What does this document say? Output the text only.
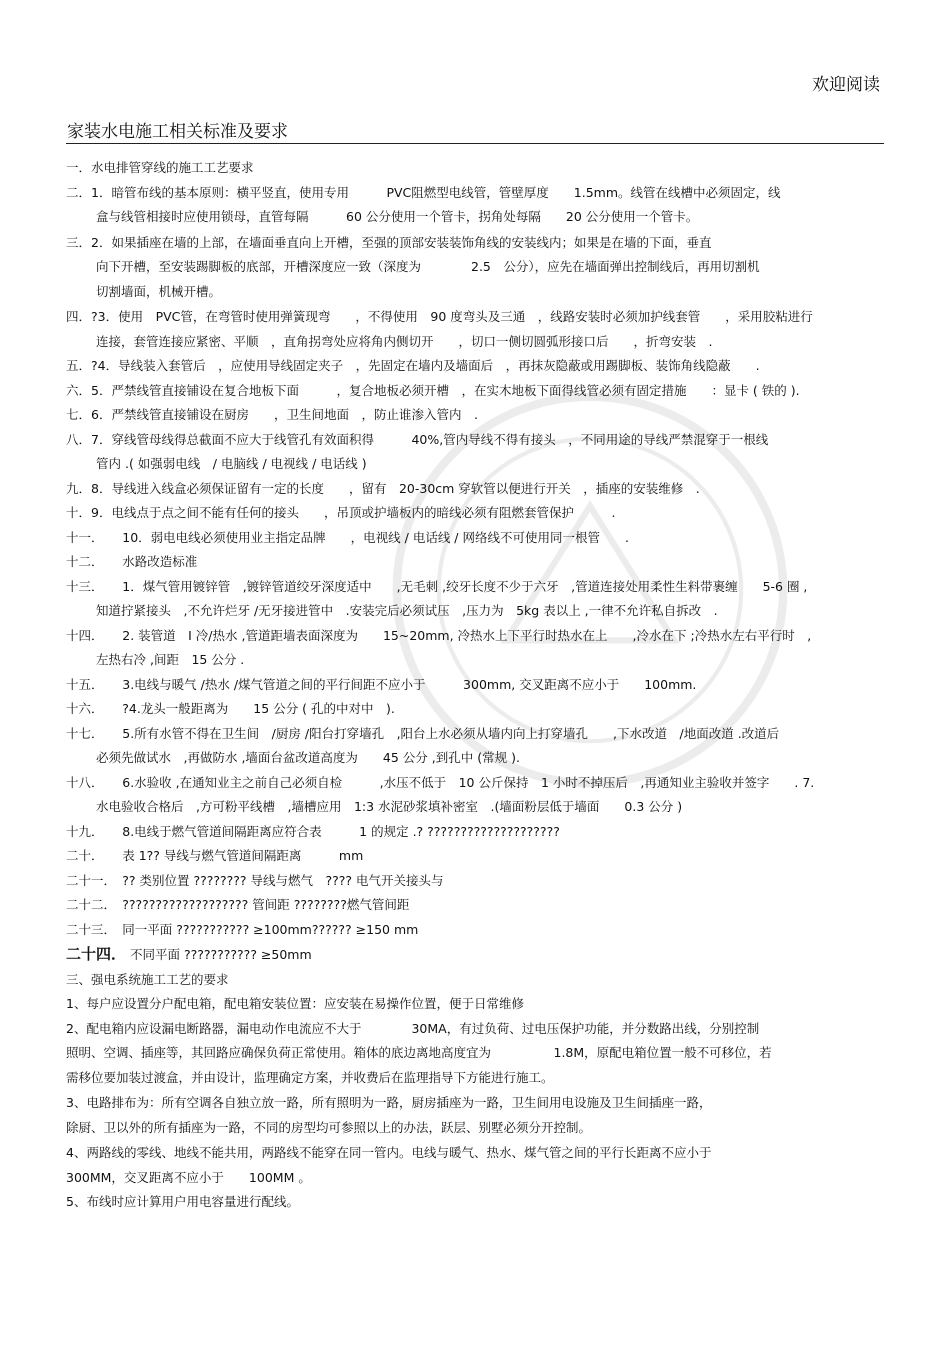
欢迎阅读
家装水电施工相关标准及要求
一．水电排管穿线的施工工艺要求
二．1．暗管布线的基本原则：横平竖直，使用专用　　　PVC阻燃型电线管，管壁厚度　　1.5mm。线管在线槽中必须固定，线
盒与线管相接时应使用锁母，直管每隔　　　60 公分使用一个管卡，拐角处每隔　　20 公分使用一个管卡。
三．2．如果插座在墙的上部，在墙面垂直向上开槽，至强的顶部安装装饰角线的安装线内；如果是在墙的下面，垂直
向下开槽，至安装踢脚板的底部，开槽深度应一致（深度为　　　　2.5　公分），应先在墙面弹出控制线后，再用切割机
切割墙面，机械开槽。
四．?3．使用　PVC管，在弯管时使用弹簧现弯　　，不得使用　90 度弯头及三通　，线路安装时必须加护线套管　　，采用胶粘进行
连接，套管连接应紧密、平顺　，直角拐弯处应将角内侧切开　　，切口一侧切圆弧形接口后　　，折弯安装　.
五．?4．导线装入套管后　，应使用导线固定夹子　，先固定在墙内及墙面后　，再抹灰隐蔽或用踢脚板、装饰角线隐蔽　　.
六．5．严禁线管直接铺设在复合地板下面　　　，复合地板必须开槽　，在实木地板下面得线管必须有固定措施　　：显卡 ( 铁的 ).
七．6．严禁线管直接铺设在厨房　　，卫生间地面　，防止谁渗入管内　.
八．7．穿线管母线得总截面不应大于线管孔有效面积得　　　40%,管内导线不得有接头　，不同用途的导线严禁混穿于一根线
管内 .( 如强弱电线　/ 电脑线 / 电视线 / 电话线 )
九．8．导线进入线盒必须保证留有一定的长度　　，留有　20-30cm 穿软管以便进行开关　，插座的安装维修　.
十．9．电线点于点之间不能有任何的接头　　，吊顶或护墙板内的暗线必须有阻燃套管保护　　　.
十一．　　10．弱电电线必须使用业主指定品牌　　，电视线 / 电话线 / 网络线不可使用同一根管　　.
十二．　　水路改造标准
十三．　　1．煤气管用镀锌管　,镀锌管道绞牙深度适中　　,无毛刺 ,绞牙长度不少于六牙　,管道连接处用柔性生料带裹缠　　5-6 圈 ,
知道拧紧接头　,不允许烂牙 /无牙接进管中　.安装完后必须试压　,压力为　5kg 表以上 ,一律不允许私自拆改　.
十四．　　2. 装管道　I 冷/热水 ,管道距墙表面深度为　　15~20mm, 冷热水上下平行时热水在上　　,冷水在下 ;冷热水左右平行时　,
左热右冷 ,间距　15 公分 .
十五．　　3.电线与暖气 /热水 /煤气管道之间的平行间距不应小于　　　300mm, 交叉距离不应小于　　100mm.
十六．　　?4.龙头一般距离为　　15 公分 ( 孔的中对中　).
十七．　　5.所有水管不得在卫生间　/厨房 /阳台打穿墙孔　,阳台上水必须从墙内向上打穿墙孔　　,下水改道　/地面改道 .改道后
必须先做试水　,再做防水 ,墙面台盆改道高度为　　45 公分 ,到孔中 (常规 ).
十八．　　6.水验收 ,在通知业主之前自己必须自检　　　,水压不低于　10 公斤保持　1 小时不掉压后　,再通知业主验收并签字　　. 7.
水电验收合格后　,方可粉平线槽　,墙槽应用　1:3 水泥砂浆填补密室　.(墙面粉层低于墙面　　0.3 公分 )
十九．　　8.电线于燃气管道间隔距离应符合表　　　1 的规定 .? ????????????????????
二十．　　表 1?? 导线与燃气管道间隔距离　　　mm
二十一．　?? 类别位置 ???????? 导线与燃气　???? 电气开关接头与
二十二．　??????????????????? 管间距 ????????燃气管间距
二十三．　同一平面 ??????????? ≥100mm?????? ≥150 mm
二十四． 不同平面 ??????????? ≥50mm
三、强电系统施工工艺的要求
1、每户应设置分户配电箱，配电箱安装位置：应安装在易操作位置，便于日常维修
2、配电箱内应设漏电断路器，漏电动作电流应不大于　　　　30MA，有过负荷、过电压保护功能，并分数路出线，分别控制
照明、空调、插座等，其回路应确保负荷正常使用。箱体的底边离地高度宜为　　　　　1.8M，原配电箱位置一般不可移位，若
需移位要加装过渡盒，并由设计，监理确定方案，并收费后在监理指导下方能进行施工。
3、电路排布为：所有空调各自独立放一路，所有照明为一路，厨房插座为一路，卫生间用电设施及卫生间插座一路，
除厨、卫以外的所有插座为一路，不同的房型均可参照以上的办法，跃层、别墅必须分开控制。
4、两路线的零线、地线不能共用，两路线不能穿在同一管内。电线与暖气、热水、煤气管之间的平行长距离不应小于
300MM，交叉距离不应小于　　100MM 。
5、布线时应计算用户用电容量进行配线。
